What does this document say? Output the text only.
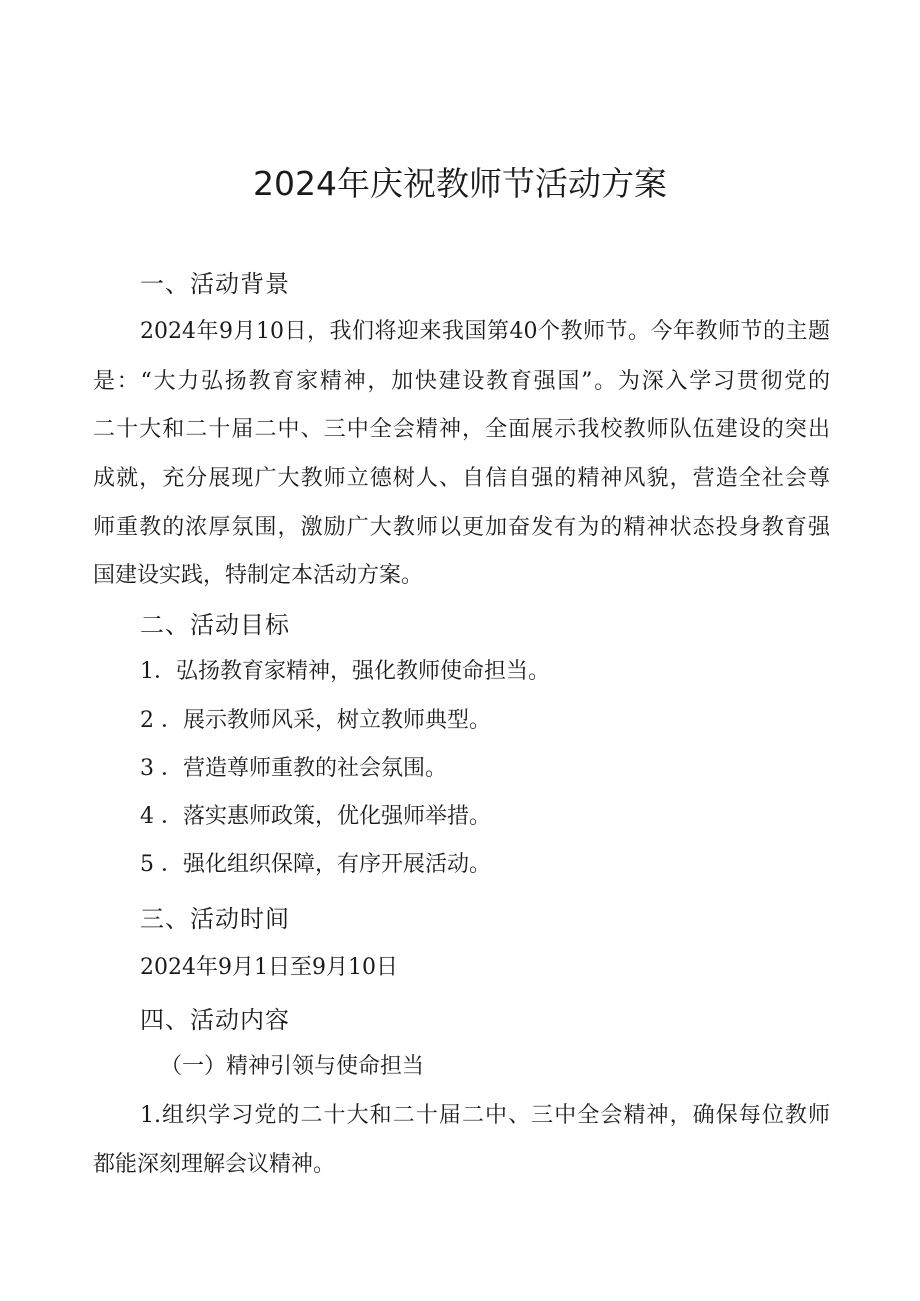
2024年庆祝教师节活动方案
一、活动背景
2024年9月10日，我们将迎来我国第40个教师节。今年教师节的主题
是：“大力弘扬教育家精神，加快建设教育强国”。为深入学习贯彻党的
二十大和二十届二中、三中全会精神，全面展示我校教师队伍建设的突出
成就，充分展现广大教师立德树人、自信自强的精神风貌，营造全社会尊
师重教的浓厚氛围，激励广大教师以更加奋发有为的精神状态投身教育强
国建设实践，特制定本活动方案。
二、活动目标
1．弘扬教育家精神，强化教师使命担当。
2 ．展示教师风采，树立教师典型。
3 ．营造尊师重教的社会氛围。
4 ．落实惠师政策，优化强师举措。
5 ．强化组织保障，有序开展活动。
三、活动时间
2024年9月1日至9月10日
四、活动内容
（一）精神引领与使命担当
1.组织学习党的二十大和二十届二中、三中全会精神，确保每位教师
都能深刻理解会议精神。
